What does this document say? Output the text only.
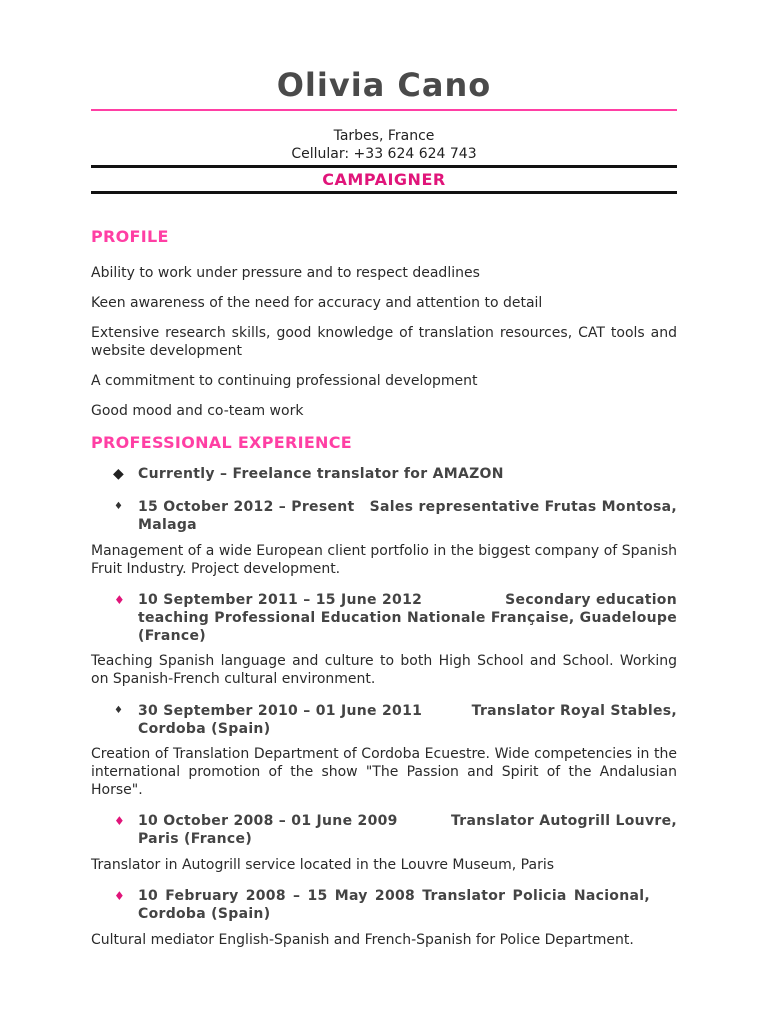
Olivia Cano
Tarbes, France
Cellular: +33 624 624 743
CAMPAIGNER
PROFILE
Ability to work under pressure and to respect deadlines
Keen awareness of the need for accuracy and attention to detail
Extensive research skills, good knowledge of translation resources, CAT tools and website development
A commitment to continuing professional development
Good mood and co-team work
PROFESSIONAL EXPERIENCE
◆ Currently – Freelance translator for AMAZON
♦ 15 October 2012 – Present Sales representative Frutas Montosa,
Malaga
Management of a wide European client portfolio in the biggest company of Spanish Fruit Industry. Project development.
♦ 10 September 2011 – 15 June 2012	Secondary education
teaching Professional Education Nationale Française, Guadeloupe (France)
Teaching Spanish language and culture to both High School and School. Working on Spanish-French cultural environment.
♦ 30 September 2010 – 01 June 2011	Translator Royal Stables,
Cordoba (Spain)
Creation of Translation Department of Cordoba Ecuestre. Wide competencies in the international promotion of the show "The Passion and Spirit of the Andalusian Horse".
♦ 10 October 2008 – 01 June 2009	Translator Autogrill Louvre,
Paris (France)
Translator in Autogrill service located in the Louvre Museum, Paris
♦ 10 February 2008 – 15 May 2008 Translator Policia Nacional,
Cordoba (Spain)
Cultural mediator English-Spanish and French-Spanish for Police Department.
